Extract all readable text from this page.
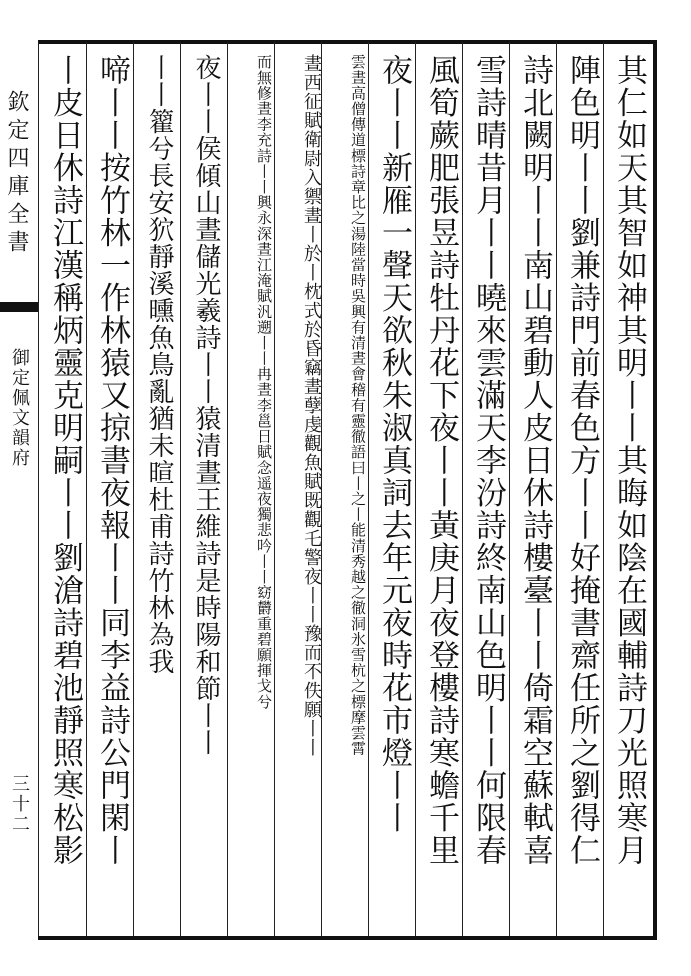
欽定四庫全書
御定佩文韻府
三十二	其仁如天其智如神其明丨丨其晦如陰在國輔詩刀光照寒月
陣色明丨丨劉兼詩門前春色方丨丨好掩書齋任所之劉得仁
詩北闕明丨丨南山碧動人皮日休詩樓臺丨丨倚霜空蘇軾喜
雪詩晴昔月丨丨曉來雲滿天李汾詩終南山色明丨丨何限春
風筍蕨肥張昱詩牡丹花下夜丨丨黃庚月夜登樓詩寒蟾千里
夜丨丨新雁一聲天欲秋朱淑真詞去年元夜時花市燈丨丨
雲晝高僧傳道標詩章比之湯陸當時吳興有清晝會稽有靈徹語曰丨之丨能清秀越之徹洞氷雪杭之標摩雲霄
晝西征賦衛尉入禦晝丨於丨枕式於昏竊晝孽虔觀魚賦既觀乇警夜丨丨豫而不佚願丨丨
而無修晝李充詩丨丨興永深晝江淹賦汎遡丨丨冉晝李邕日賦念遥夜獨悲吟丨丨窈欝重碧願揮戈兮
夜丨丨侯傾山晝儲光羲詩丨丨猿清晝王維詩是時陽和節丨丨
丨丨籊兮長安狖靜溪曛魚鳥亂猶未暄杜甫詩竹林為我
啼丨丨按竹林一作林猿又掠書夜報丨丨同李益詩公門閑丨
丨皮日休詩江漢稱炳靈克明嗣丨丨劉滄詩碧池靜照寒松影
